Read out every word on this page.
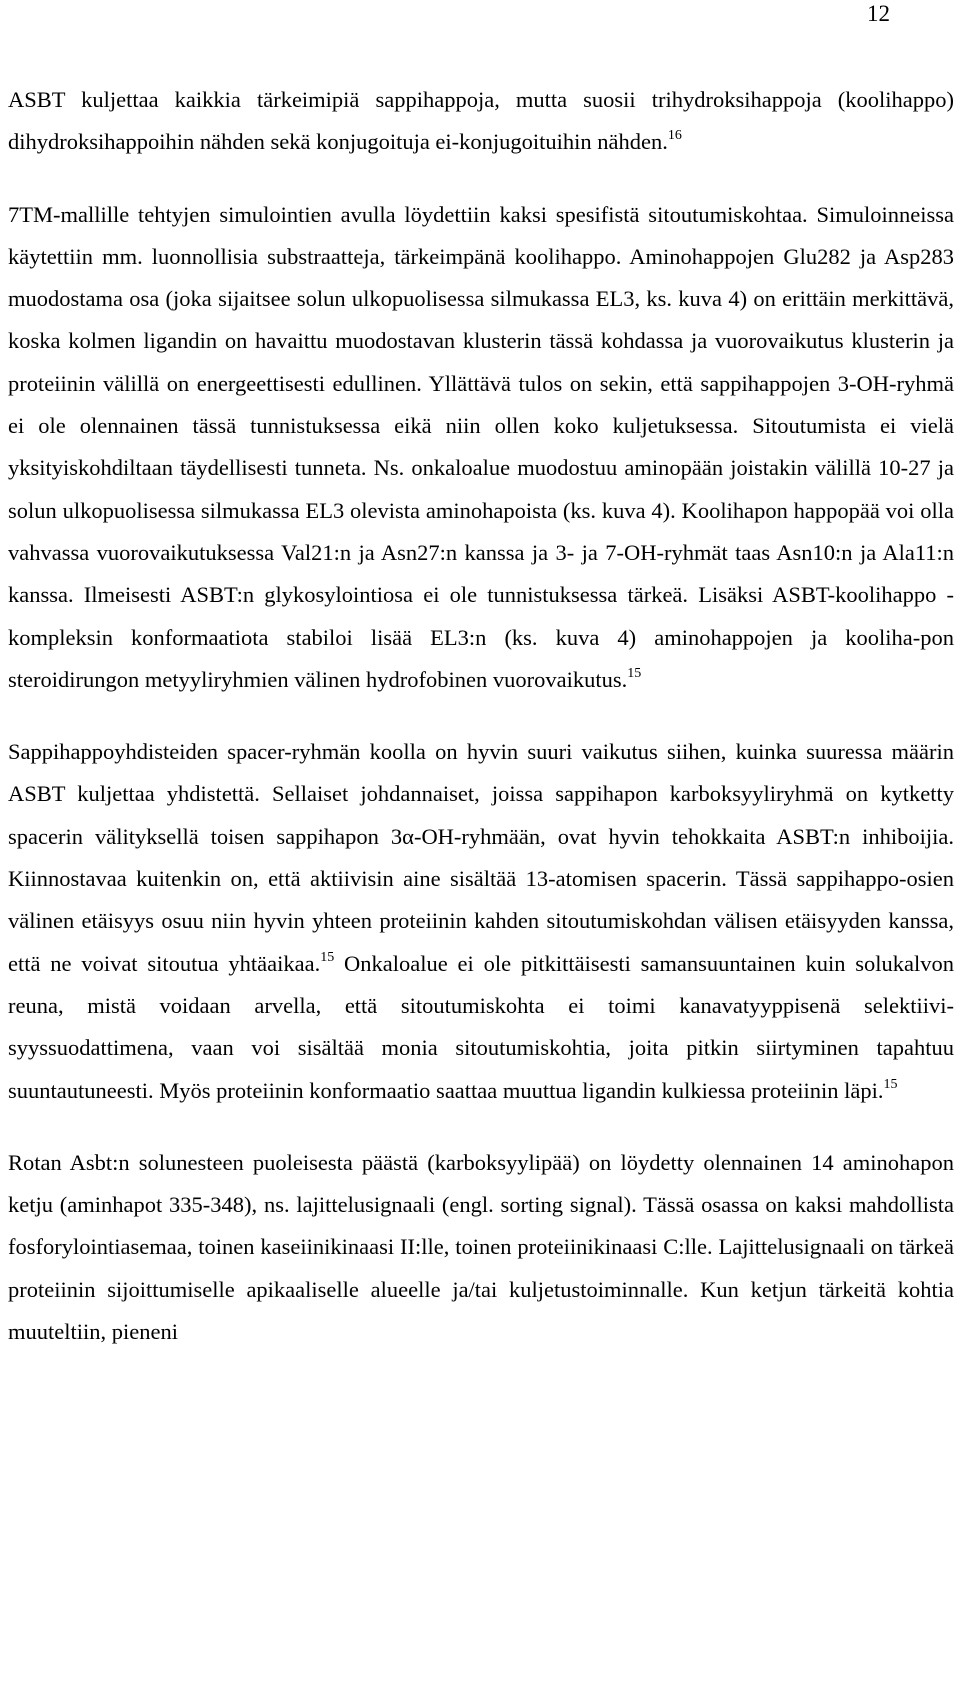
12

ASBT kuljettaa kaikkia tärkeimipiä sappihappoja, mutta suosii trihydroksihappoja (koolihappo) dihydroksihappoihin nähden sekä konjugoituja ei-konjugoituihin nähden.$^{16}$

7TM-mallille tehtyjen simulointien avulla löydettiin kaksi spesifistä sitoutumiskohtaa. Simuloinneissa käytettiin mm. luonnollisia substraatteja, tärkeimpänä koolihappo. Aminohappojen Glu282 ja Asp283 muodostama osa (joka sijaitsee solun ulkopuolisessa silmukassa EL3, ks. kuva 4) on erittäin merkittävä, koska kolmen ligandin on havaittu muodostavan klusterin tässä kohdassa ja vuorovaikutus klusterin ja proteiinin välillä on energeettisesti edullinen. Yllättävä tulos on sekin, että sappihappojen 3-OH-ryhmä ei ole olennainen tässä tunnistuksessa eikä niin ollen koko kuljetuksessa. Sitoutumista ei vielä yksityiskohdiltaan täydellisesti tunneta. Ns. onkaloalue muodostuu aminopään joistakin välillä 10-27 ja solun ulkopuolisessa silmukassa EL3 olevista aminohapoista (ks. kuva 4). Koolihapon happopää voi olla vahvassa vuorovaikutuksessa Val21:n ja Asn27:n kanssa ja 3- ja 7-OH-ryhmät taas Asn10:n ja Ala11:n kanssa. Ilmeisesti ASBT:n glykosylointiosa ei ole tunnistuksessa tärkeä. Lisäksi ASBT-koolihappo -kompleksin konformaatiota stabiloi lisää EL3:n (ks. kuva 4) aminohappojen ja kooliha-pon steroidirungon metyyliryhmien välinen hydrofobinen vuorovaikutus.$^{15}$

Sappihappoyhdisteiden spacer-ryhmän koolla on hyvin suuri vaikutus siihen, kuinka suuressa määrin ASBT kuljettaa yhdistettä. Sellaiset johdannaiset, joissa sappihapon karboksyyliryhmä on kytketty spacerin välityksellä toisen sappihapon 3α-OH-ryhmään, ovat hyvin tehokkaita ASBT:n inhiboijia. Kiinnostavaa kuitenkin on, että aktiivisin aine sisältää 13-atomisen spacerin. Tässä sappihappo-osien välinen etäisyys osuu niin hyvin yhteen proteiinin kahden sitoutumiskohdan välisen etäisyyden kanssa, että ne voivat sitoutua yhtäaikaa.$^{15}$ Onkaloalue ei ole pitkittäisesti samansuuntainen kuin solukalvon reuna, mistä voidaan arvella, että sitoutumiskohta ei toimi kanavatyyppisenä selektiivi-syyssuodattimena, vaan voi sisältää monia sitoutumiskohtia, joita pitkin siirtyminen tapahtuu suuntautuneesti. Myös proteiinin konformaatio saattaa muuttua ligandin kulkiessa proteiinin läpi.$^{15}$

Rotan Asbt:n solunesteen puoleisesta päästä (karboksyylipää) on löydetty olennainen 14 aminohapon ketju (aminhapot 335-348), ns. lajittelusignaali (engl. sorting signal). Tässä osassa on kaksi mahdollista fosforylointiasemaa, toinen kaseiinikinaasi II:lle, toinen proteiinikinaasi C:lle. Lajittelusignaali on tärkeä proteiinin sijoittumiselle apikaaliselle alueelle ja/tai kuljetustoiminnalle. Kun ketjun tärkeitä kohtia muuteltiin, pieneni
